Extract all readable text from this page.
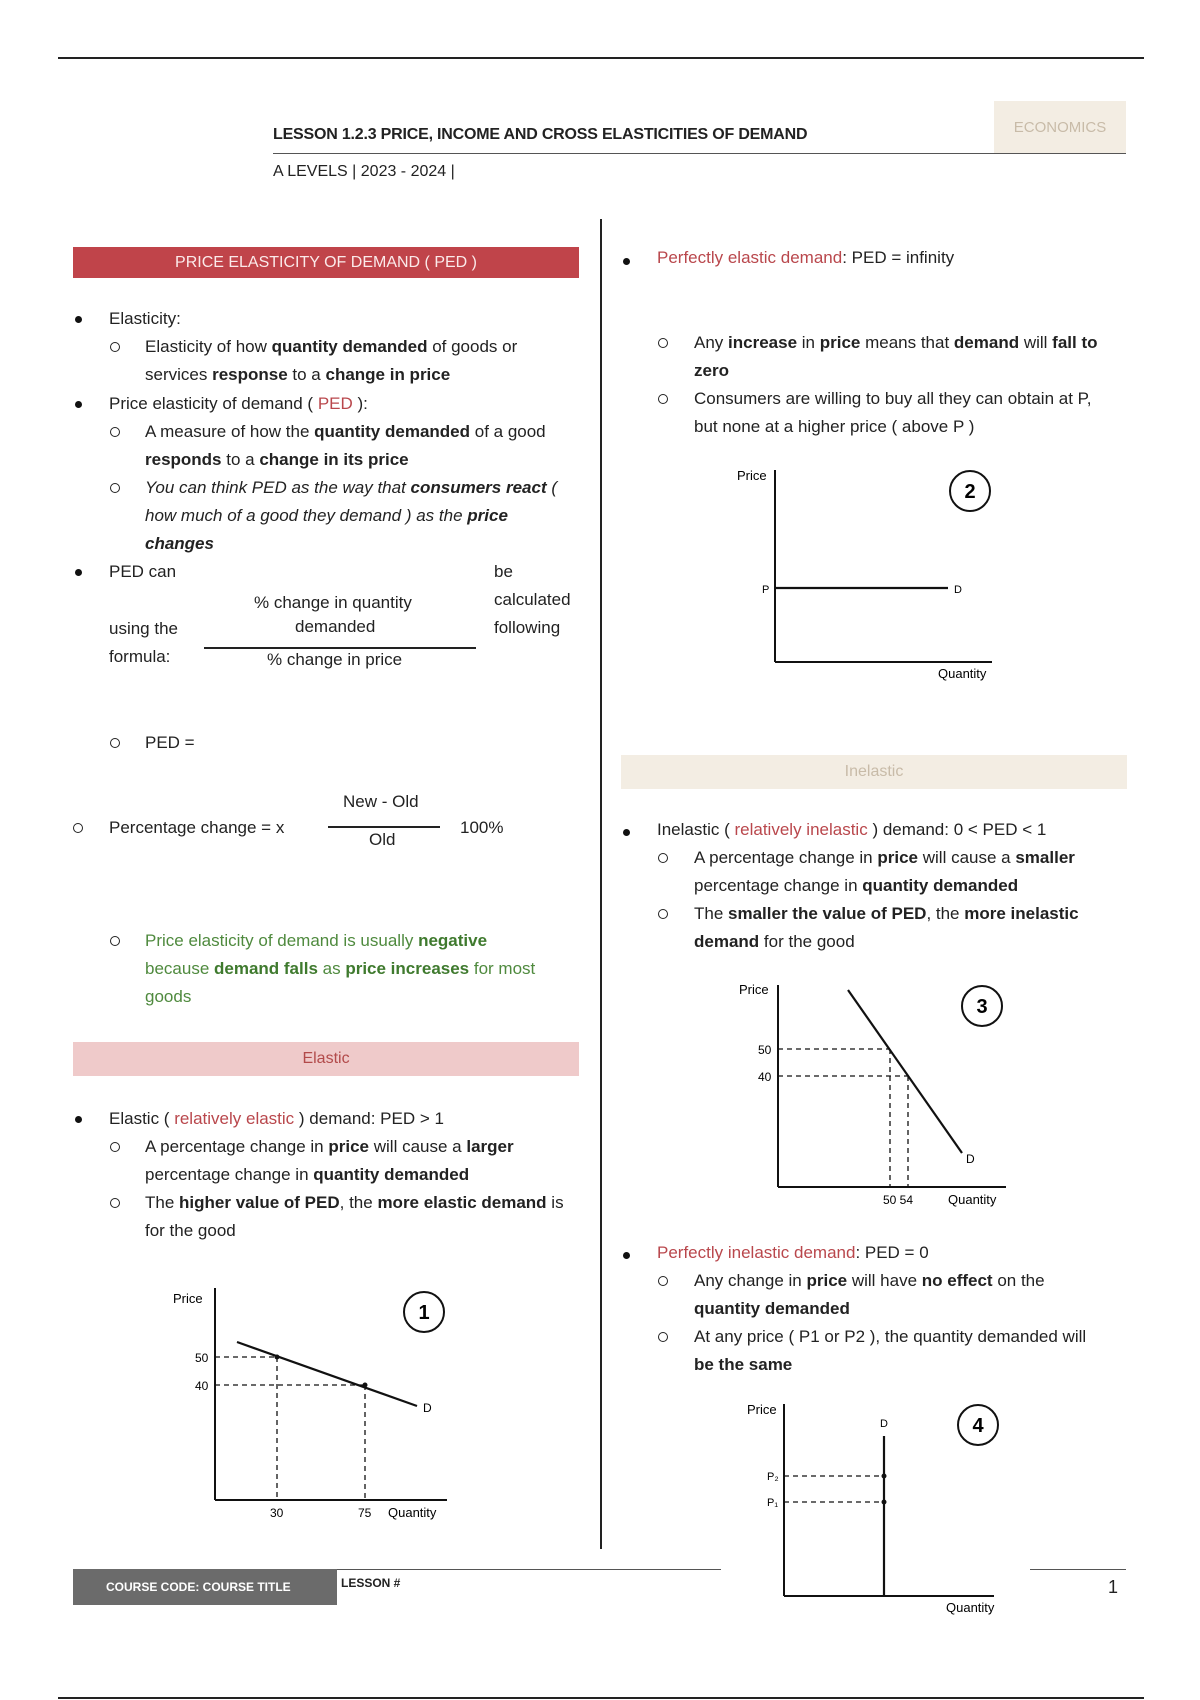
LESSON 1.2.3 PRICE, INCOME AND CROSS ELASTICITIES OF DEMAND	ECONOMICS
A LEVELS | 2023 - 2024 |
PRICE ELASTICITY OF DEMAND ( PED )
Elasticity:
Elasticity of how quantity demanded of goods or
services response to a change in price
Price elasticity of demand ( PED ):
A measure of how the quantity demanded of a good
responds to a change in its price
You can think PED as the way that consumers react (
how much of a good they demand ) as the price
changes
PED can	be
calculated
using the	following
formula:
% change in quantity
demanded
% change in price
PED =
Percentage change = x
New - Old
Old
100%
Price elasticity of demand is usually negative
because demand falls as price increases for most
goods
Elastic
Elastic ( relatively elastic ) demand: PED > 1
A percentage change in price will cause a larger
percentage change in quantity demanded
The higher value of PED, the more elastic demand is
for the good
Price
Quantity
D
50
40
30	75
1
Perfectly elastic demand: PED = infinity
Any increase in price means that demand will fall to
zero
Consumers are willing to buy all they can obtain at P,
but none at a higher price ( above P )
Price
Quantity
P	D
2
Inelastic
Inelastic ( relatively inelastic ) demand: 0 < PED < 1
A percentage change in price will cause a smaller
percentage change in quantity demanded
The smaller the value of PED, the more inelastic
demand for the good
Price
Quantity
D
50
40
50 54
3
Perfectly inelastic demand: PED = 0
Any change in price will have no effect on the
quantity demanded
At any price ( P1 or P2 ), the quantity demanded will
be the same
Price
Quantity
D
P₂
P₁
4
COURSE CODE: COURSE TITLE	LESSON #	1
